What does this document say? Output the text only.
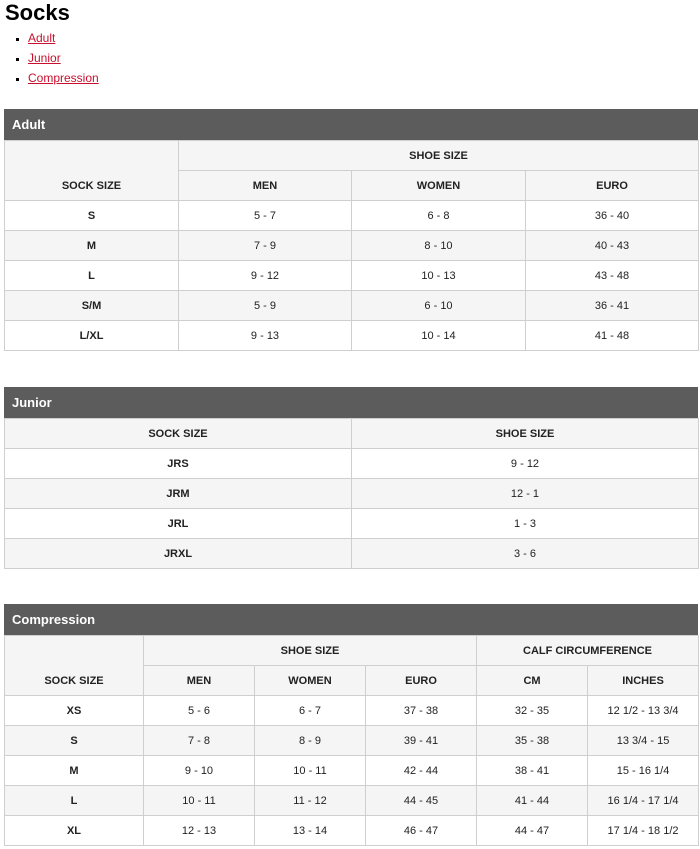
Socks
▪ Adult
▪ Junior
▪ Compression
Adult
SOCK SIZE	SHOE SIZE		
	MEN	WOMEN	EURO
S	5 - 7	6 - 8	36 - 40
M	7 - 9	8 - 10	40 - 43
L	9 - 12	10 - 13	43 - 48
S/M	5 - 9	6 - 10	36 - 41
L/XL	9 - 13	10 - 14	41 - 48
Junior
SOCK SIZE	SHOE SIZE
JRS	9 - 12
JRM	12 - 1
JRL	1 - 3
JRXL	3 - 6
Compression
SOCK SIZE	SHOE SIZE			CALF CIRCUMFERENCE	
	MEN	WOMEN	EURO	CM	INCHES
XS	5 - 6	6 - 7	37 - 38	32 - 35	12 1/2 - 13 3/4
S	7 - 8	8 - 9	39 - 41	35 - 38	13 3/4 - 15
M	9 - 10	10 - 11	42 - 44	38 - 41	15 - 16 1/4
L	10 - 11	11 - 12	44 - 45	41 - 44	16 1/4 - 17 1/4
XL	12 - 13	13 - 14	46 - 47	44 - 47	17 1/4 - 18 1/2
